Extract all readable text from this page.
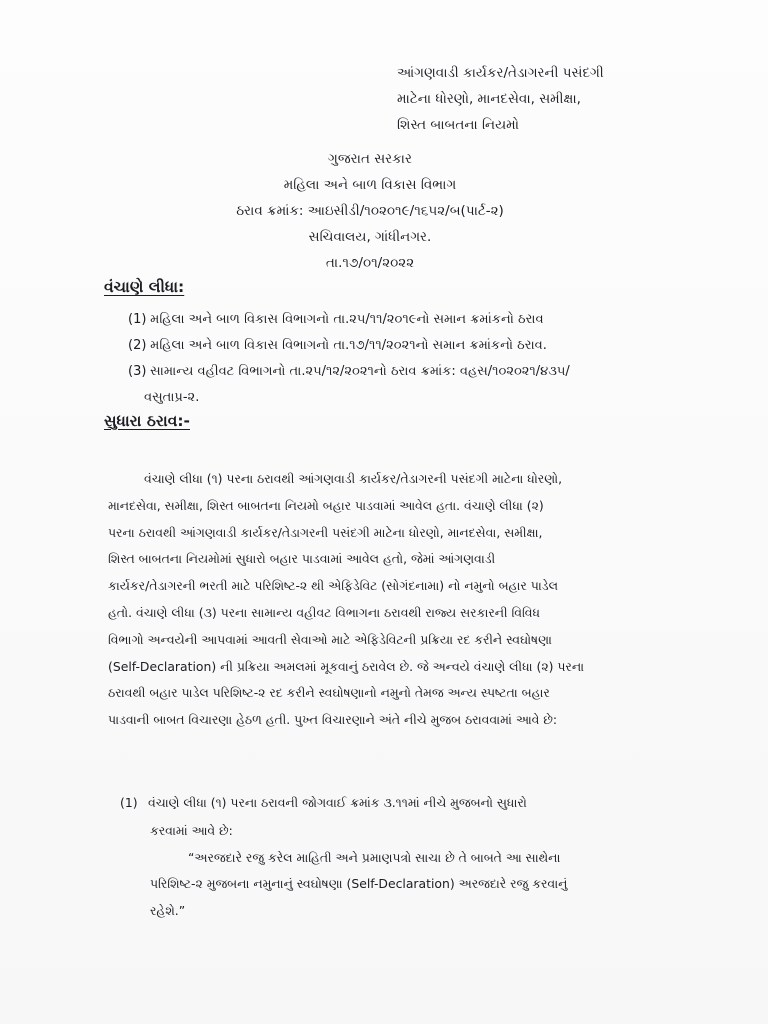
આંગણવાડી કાર્યકર/તેડાગરની પસંદગી
માટેના ધોરણો, માનદસેવા, સમીક્ષા,
શિસ્ત બાબતના નિયમો
ગુજરાત સરકાર
મહિલા અને બાળ વિકાસ વિભાગ
ઠરાવ ક્રમાંક: આઇસીડી/૧૦૨૦૧૯/૧૬૫૨/બ(પાર્ટ-૨)
સચિવાલય, ગાંધીનગર.
તા.૧૭/૦૧/૨૦૨૨
વંચાણે લીધા:
(1) મહિલા અને બાળ વિકાસ વિભાગનો તા.૨૫/૧૧/૨૦૧૯નો સમાન ક્રમાંકનો ઠરાવ
(2) મહિલા અને બાળ વિકાસ વિભાગનો તા.૧૭/૧૧/૨૦૨૧નો સમાન ક્રમાંકનો ઠરાવ.
(3) સામાન્ય વહીવટ વિભાગનો તા.૨૫/૧૨/૨૦૨૧નો ઠરાવ ક્રમાંક: વહસ/૧૦૨૦૨૧/૪૩૫/
વસુતાપ્ર-૨.
સુધારા ઠરાવ:-
વંચાણે લીધા (૧) પરના ઠરાવથી આંગણવાડી કાર્યકર/તેડાગરની પસંદગી માટેના ધોરણો,
માનદસેવા, સમીક્ષા, શિસ્ત બાબતના નિયમો બહાર પાડવામાં આવેલ હતા. વંચાણે લીધા (૨)
પરના ઠરાવથી આંગણવાડી કાર્યકર/તેડાગરની પસંદગી માટેના ધોરણો, માનદસેવા, સમીક્ષા,
શિસ્ત બાબતના નિયમોમાં સુધારો બહાર પાડવામાં આવેલ હતો, જેમાં આંગણવાડી
કાર્યકર/તેડાગરની ભરતી માટે પરિશિષ્ટ-૨ થી એફિડેવિટ (સોગંદનામા) નો નમુનો બહાર પાડેલ
હતો. વંચાણે લીધા (૩) પરના સામાન્ય વહીવટ વિભાગના ઠરાવથી રાજ્ય સરકારની વિવિધ
વિભાગો અન્વયેની આપવામાં આવતી સેવાઓ માટે એફિડેવિટની પ્રક્રિયા રદ કરીને સ્વઘોષણા
(Self-Declaration) ની પ્રક્રિયા અમલમાં મૂકવાનું ઠરાવેલ છે. જે અન્વયે વંચાણે લીધા (૨) પરના
ઠરાવથી બહાર પાડેલ પરિશિષ્ટ-૨ રદ કરીને સ્વઘોષણાનો નમુનો તેમજ અન્ય સ્પષ્ટતા બહાર
પાડવાની બાબત વિચારણા હેઠળ હતી. પુખ્ત વિચારણાને અંતે નીચે મુજબ ઠરાવવામાં આવે છે:
(1) વંચાણે લીધા (૧) પરના ઠરાવની જોગવાઈ ક્રમાંક ૩.૧૧માં નીચે મુજબનો સુધારો
કરવામાં આવે છે:
“અરજદારે રજુ કરેલ માહિતી અને પ્રમાણપત્રો સાચા છે તે બાબતે આ સાથેના
પરિશિષ્ટ-૨ મુજબના નમુનાનું સ્વઘોષણા (Self-Declaration) અરજદારે રજુ કરવાનું
રહેશે.”
